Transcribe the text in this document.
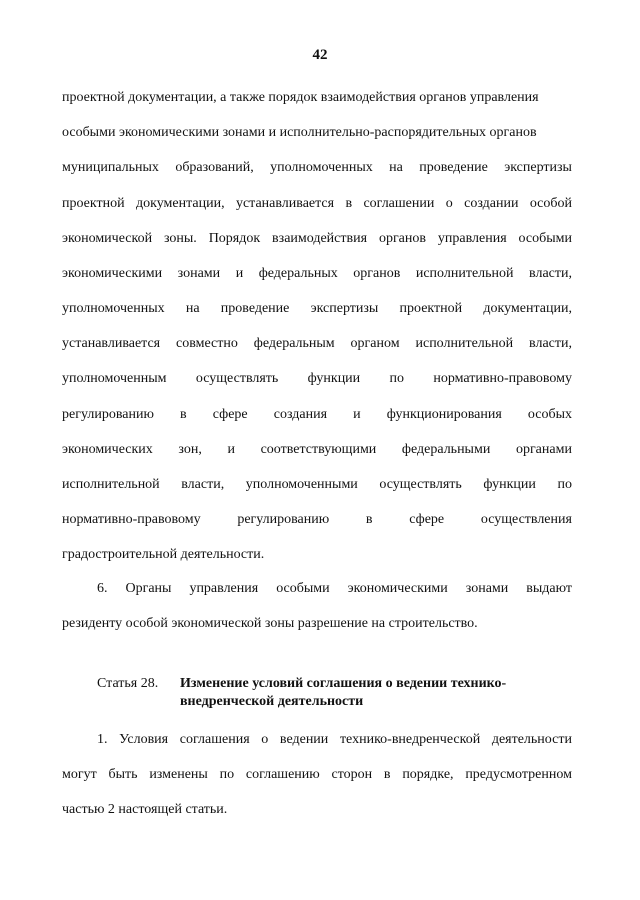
42
проектной документации, а также порядок взаимодействия органов управления
особыми экономическими зонами и исполнительно-распорядительных органов
муниципальных образований, уполномоченных на проведение экспертизы
проектной документации, устанавливается в соглашении о создании особой
экономической зоны. Порядок взаимодействия органов управления особыми
экономическими зонами и федеральных органов исполнительной власти,
уполномоченных на проведение экспертизы проектной документации,
устанавливается совместно федеральным органом исполнительной власти,
уполномоченным осуществлять функции по нормативно-правовому
регулированию в сфере создания и функционирования особых
экономических зон, и соответствующими федеральными органами
исполнительной власти, уполномоченными осуществлять функции по
нормативно-правовому	регулированию	в	сфере	осуществления
градостроительной деятельности.
6. Органы управления особыми экономическими зонами выдают
резиденту особой экономической зоны разрешение на строительство.
Статья 28. Изменение условий соглашения о ведении технико-
внедренческой деятельности
1. Условия соглашения о ведении технико-внедренческой деятельности
могут быть изменены по соглашению сторон в порядке, предусмотренном
частью 2 настоящей статьи.
